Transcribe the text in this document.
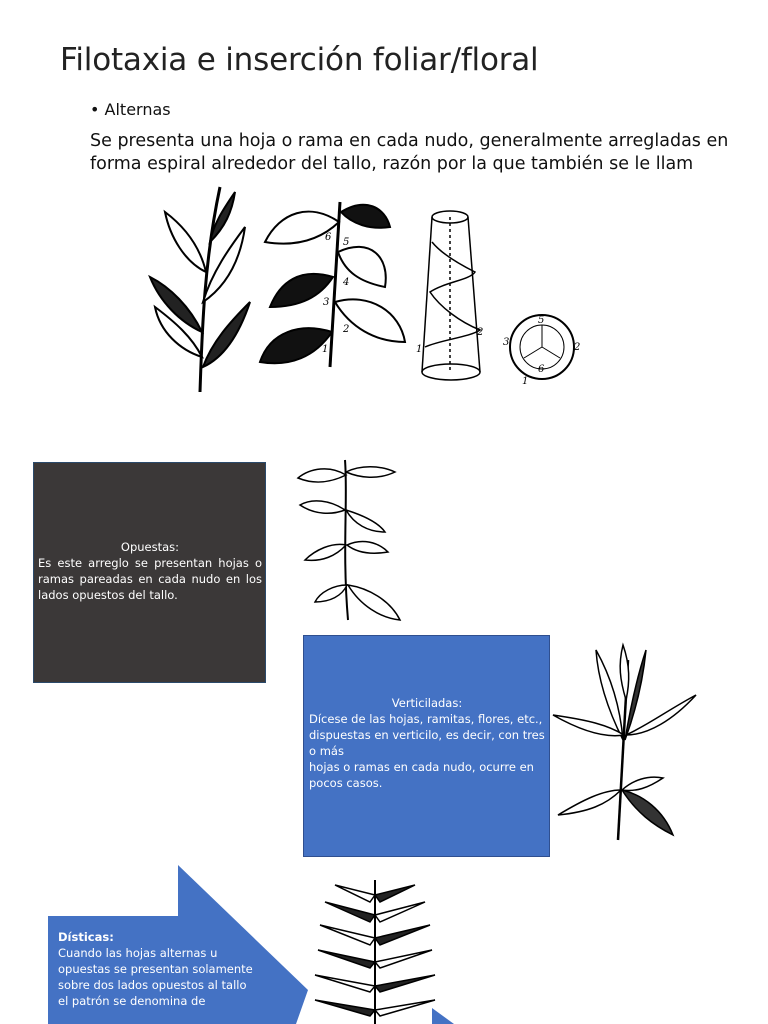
Filotaxia e inserción foliar/floral
• Alternas

Se presenta una hoja o rama en cada nudo, generalmente arregladas en forma espiral alrededor del tallo, razón por la que también se le llam

1
2
3
4
5
6
2
1
3	2
5
1
6
Opuestas:
Es este arreglo se presentan hojas o ramas pareadas en cada nudo en los lados opuestos del tallo.
Verticiladas:
Dícese de las hojas, ramitas, flores, etc., dispuestas en verticilo, es decir, con tres o más
hojas o ramas en cada nudo, ocurre en pocos casos.
Dísticas:
Cuando las hojas alternas u opuestas se presentan solamente sobre dos lados opuestos al tallo el patrón se denomina de
